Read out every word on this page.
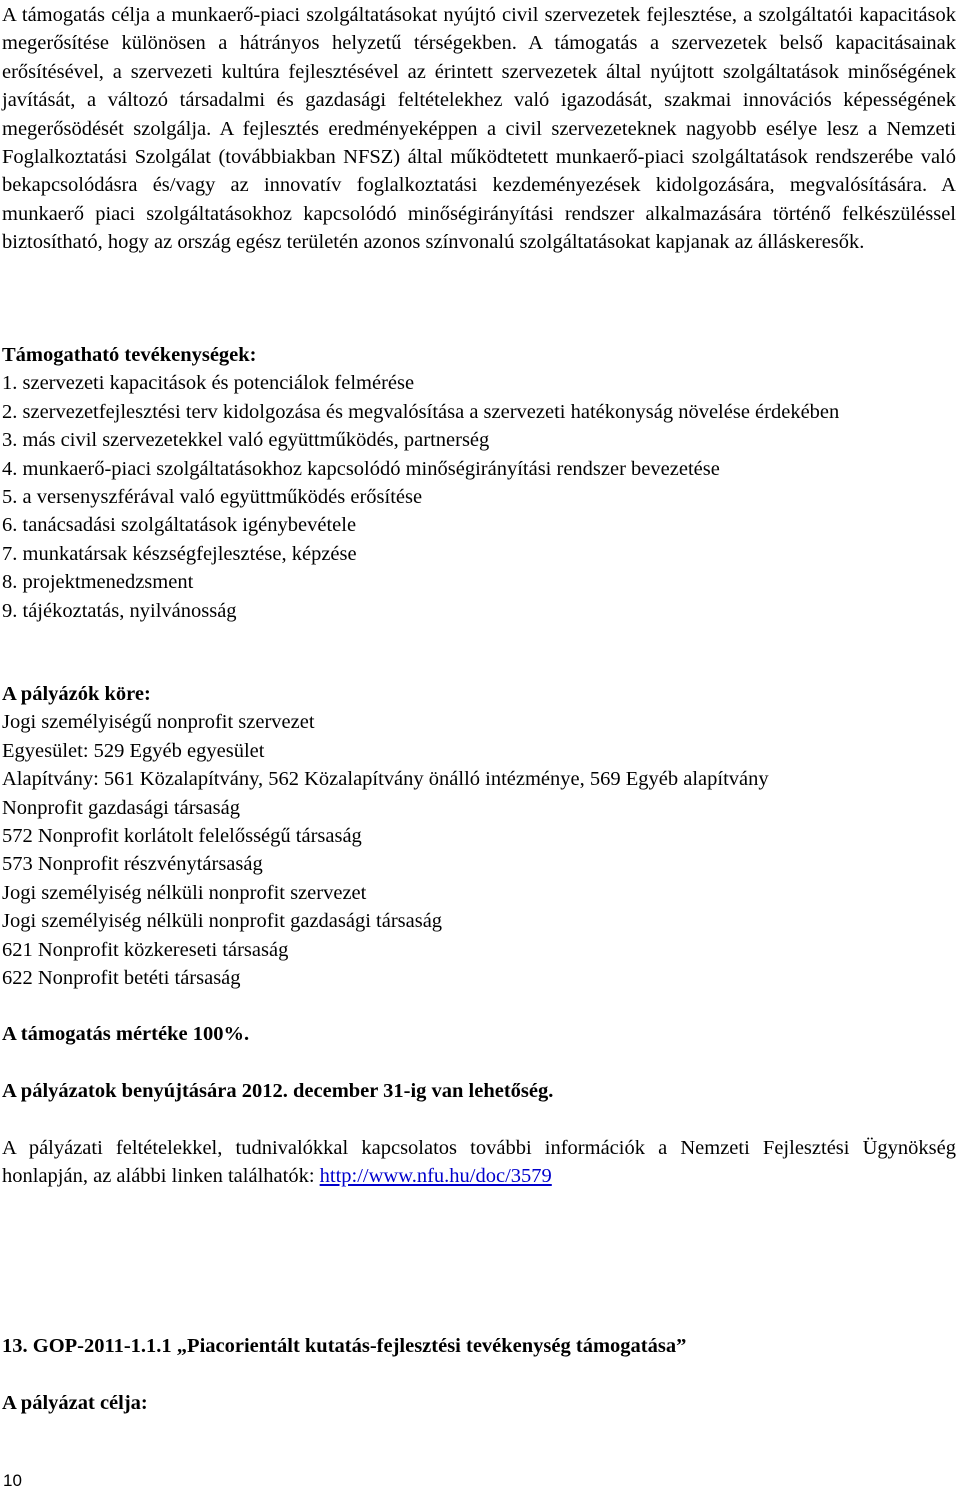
A támogatás célja a munkaerő-piaci szolgáltatásokat nyújtó civil szervezetek fejlesztése, a szolgáltatói kapacitások megerősítése különösen a hátrányos helyzetű térségekben. A támogatás a szervezetek belső kapacitásainak erősítésével, a szervezeti kultúra fejlesztésével az érintett szervezetek által nyújtott szolgáltatások minőségének javítását, a változó társadalmi és gazdasági feltételekhez való igazodását, szakmai innovációs képességének megerősödését szolgálja. A fejlesztés eredményeképpen a civil szervezeteknek nagyobb esélye lesz a Nemzeti Foglalkoztatási Szolgálat (továbbiakban NFSZ) által működtetett munkaerő-piaci szolgáltatások rendszerébe való bekapcsolódásra és/vagy az innovatív foglalkoztatási kezdeményezések kidolgozására, megvalósítására. A munkaerő piaci szolgáltatásokhoz kapcsolódó minőségirányítási rendszer alkalmazására történő felkészüléssel biztosítható, hogy az ország egész területén azonos színvonalú szolgáltatásokat kapjanak az álláskeresők.

Támogatható tevékenységek:

1. szervezeti kapacitások és potenciálok felmérése

2. szervezetfejlesztési terv kidolgozása és megvalósítása a szervezeti hatékonyság növelése érdekében

3. más civil szervezetekkel való együttműködés, partnerség

4. munkaerő-piaci szolgáltatásokhoz kapcsolódó minőségirányítási rendszer bevezetése

5. a versenyszférával való együttműködés erősítése

6. tanácsadási szolgáltatások igénybevétele

7. munkatársak készségfejlesztése, képzése

8. projektmenedzsment

9. tájékoztatás, nyilvánosság

A pályázók köre:

Jogi személyiségű nonprofit szervezet

Egyesület: 529 Egyéb egyesület

Alapítvány: 561 Közalapítvány, 562 Közalapítvány önálló intézménye, 569 Egyéb alapítvány

Nonprofit gazdasági társaság

572 Nonprofit korlátolt felelősségű társaság

573 Nonprofit részvénytársaság

Jogi személyiség nélküli nonprofit szervezet

Jogi személyiség nélküli nonprofit gazdasági társaság

621 Nonprofit közkereseti társaság

622 Nonprofit betéti társaság

A támogatás mértéke 100%.

A pályázatok benyújtására 2012. december 31-ig van lehetőség.

A pályázati feltételekkel, tudnivalókkal kapcsolatos további információk a Nemzeti Fejlesztési Ügynökség honlapján, az alábbi linken találhatók: http://www.nfu.hu/doc/3579

13. GOP-2011-1.1.1 „Piacorientált kutatás-fejlesztési tevékenység támogatása”

A pályázat célja:

10
